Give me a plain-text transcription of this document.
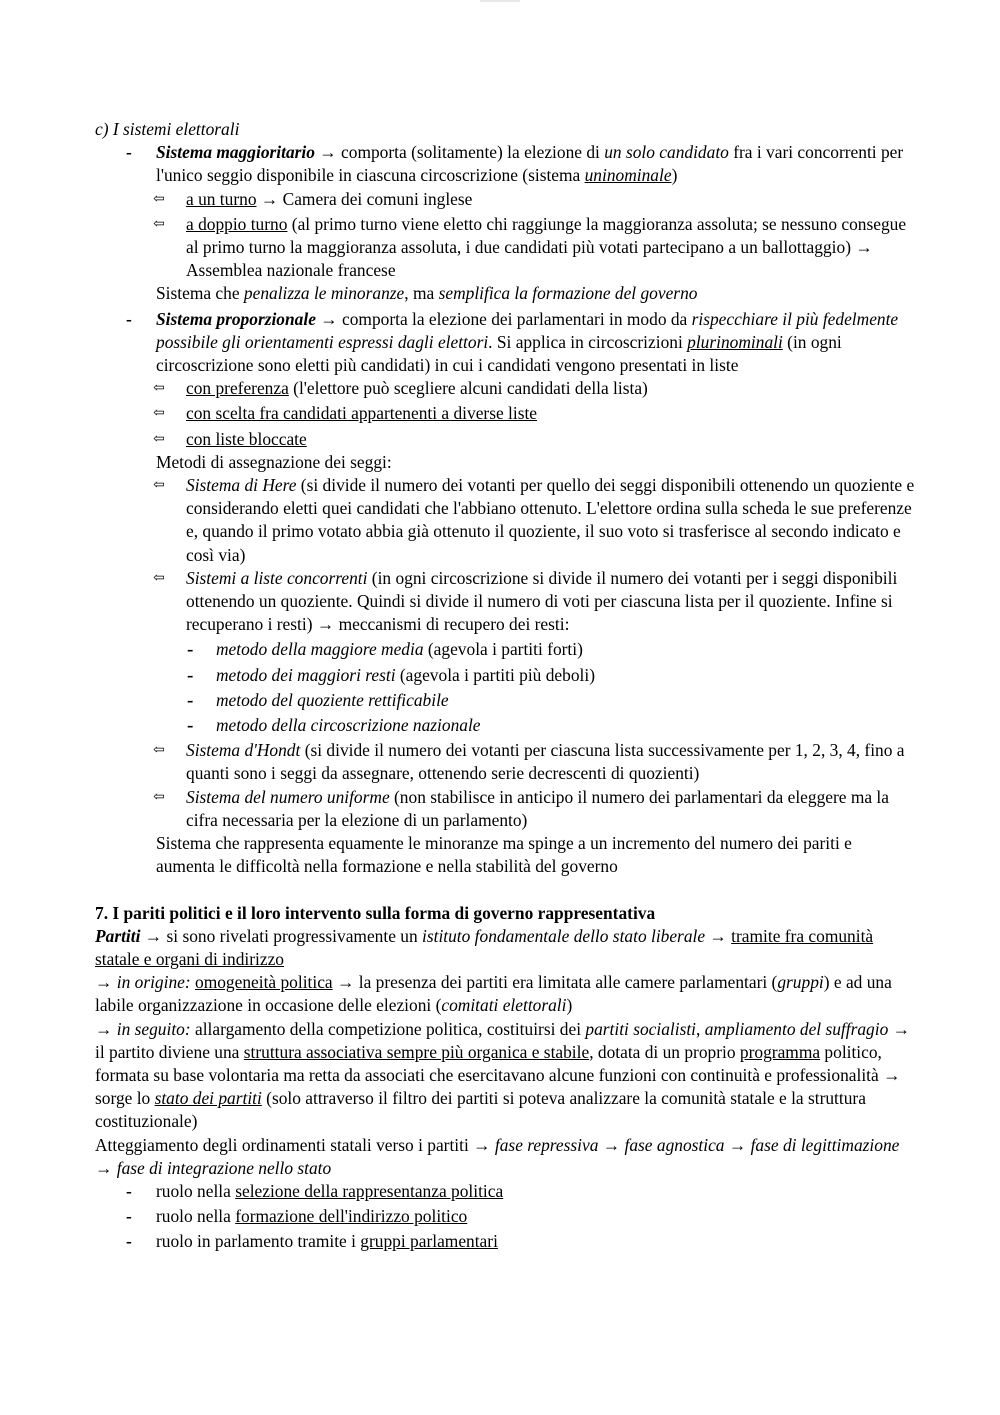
c) I sistemi elettorali

- Sistema maggioritario → comporta (solitamente) la elezione di un solo candidato fra i vari concorrenti per l'unico seggio disponibile in ciascuna circoscrizione (sistema uninominale)
⇦ a un turno → Camera dei comuni inglese
⇦ a doppio turno (al primo turno viene eletto chi raggiunge la maggioranza assoluta; se nessuno consegue al primo turno la maggioranza assoluta, i due candidati più votati partecipano a un ballottaggio) → Assemblea nazionale francese
Sistema che penalizza le minoranze, ma semplifica la formazione del governo
- Sistema proporzionale → comporta la elezione dei parlamentari in modo da rispecchiare il più fedelmente possibile gli orientamenti espressi dagli elettori. Si applica in circoscrizioni plurinominali (in ogni circoscrizione sono eletti più candidati) in cui i candidati vengono presentati in liste
⇦ con preferenza (l'elettore può scegliere alcuni candidati della lista)
⇦ con scelta fra candidati appartenenti a diverse liste
⇦ con liste bloccate
Metodi di assegnazione dei seggi:
⇦ Sistema di Here (si divide il numero dei votanti per quello dei seggi disponibili ottenendo un quoziente e considerando eletti quei candidati che l'abbiano ottenuto. L'elettore ordina sulla scheda le sue preferenze e, quando il primo votato abbia già ottenuto il quoziente, il suo voto si trasferisce al secondo indicato e così via)
⇦ Sistemi a liste concorrenti (in ogni circoscrizione si divide il numero dei votanti per i seggi disponibili ottenendo un quoziente. Quindi si divide il numero di voti per ciascuna lista per il quoziente. Infine si recuperano i resti) → meccanismi di recupero dei resti:
- metodo della maggiore media (agevola i partiti forti)
- metodo dei maggiori resti (agevola i partiti più deboli)
- metodo del quoziente rettificabile
- metodo della circoscrizione nazionale
⇦ Sistema d'Hondt (si divide il numero dei votanti per ciascuna lista successivamente per 1, 2, 3, 4, fino a quanti sono i seggi da assegnare, ottenendo serie decrescenti di quozienti)
⇦ Sistema del numero uniforme (non stabilisce in anticipo il numero dei parlamentari da eleggere ma la cifra necessaria per la elezione di un parlamento)
Sistema che rappresenta equamente le minoranze ma spinge a un incremento del numero dei pariti e aumenta le difficoltà nella formazione e nella stabilità del governo

7. I pariti politici e il loro intervento sulla forma di governo rappresentativa

Partiti → si sono rivelati progressivamente un istituto fondamentale dello stato liberale → tramite fra comunità statale e organi di indirizzo

→ in origine: omogeneità politica → la presenza dei partiti era limitata alle camere parlamentari (gruppi) e ad una labile organizzazione in occasione delle elezioni (comitati elettorali)

→ in seguito: allargamento della competizione politica, costituirsi dei partiti socialisti, ampliamento del suffragio → il partito diviene una struttura associativa sempre più organica e stabile, dotata di un proprio programma politico, formata su base volontaria ma retta da associati che esercitavano alcune funzioni con continuità e professionalità → sorge lo stato dei partiti (solo attraverso il filtro dei partiti si poteva analizzare la comunità statale e la struttura costituzionale)

Atteggiamento degli ordinamenti statali verso i partiti → fase repressiva → fase agnostica → fase di legittimazione → fase di integrazione nello stato

- ruolo nella selezione della rappresentanza politica
- ruolo nella formazione dell'indirizzo politico
- ruolo in parlamento tramite i gruppi parlamentari
